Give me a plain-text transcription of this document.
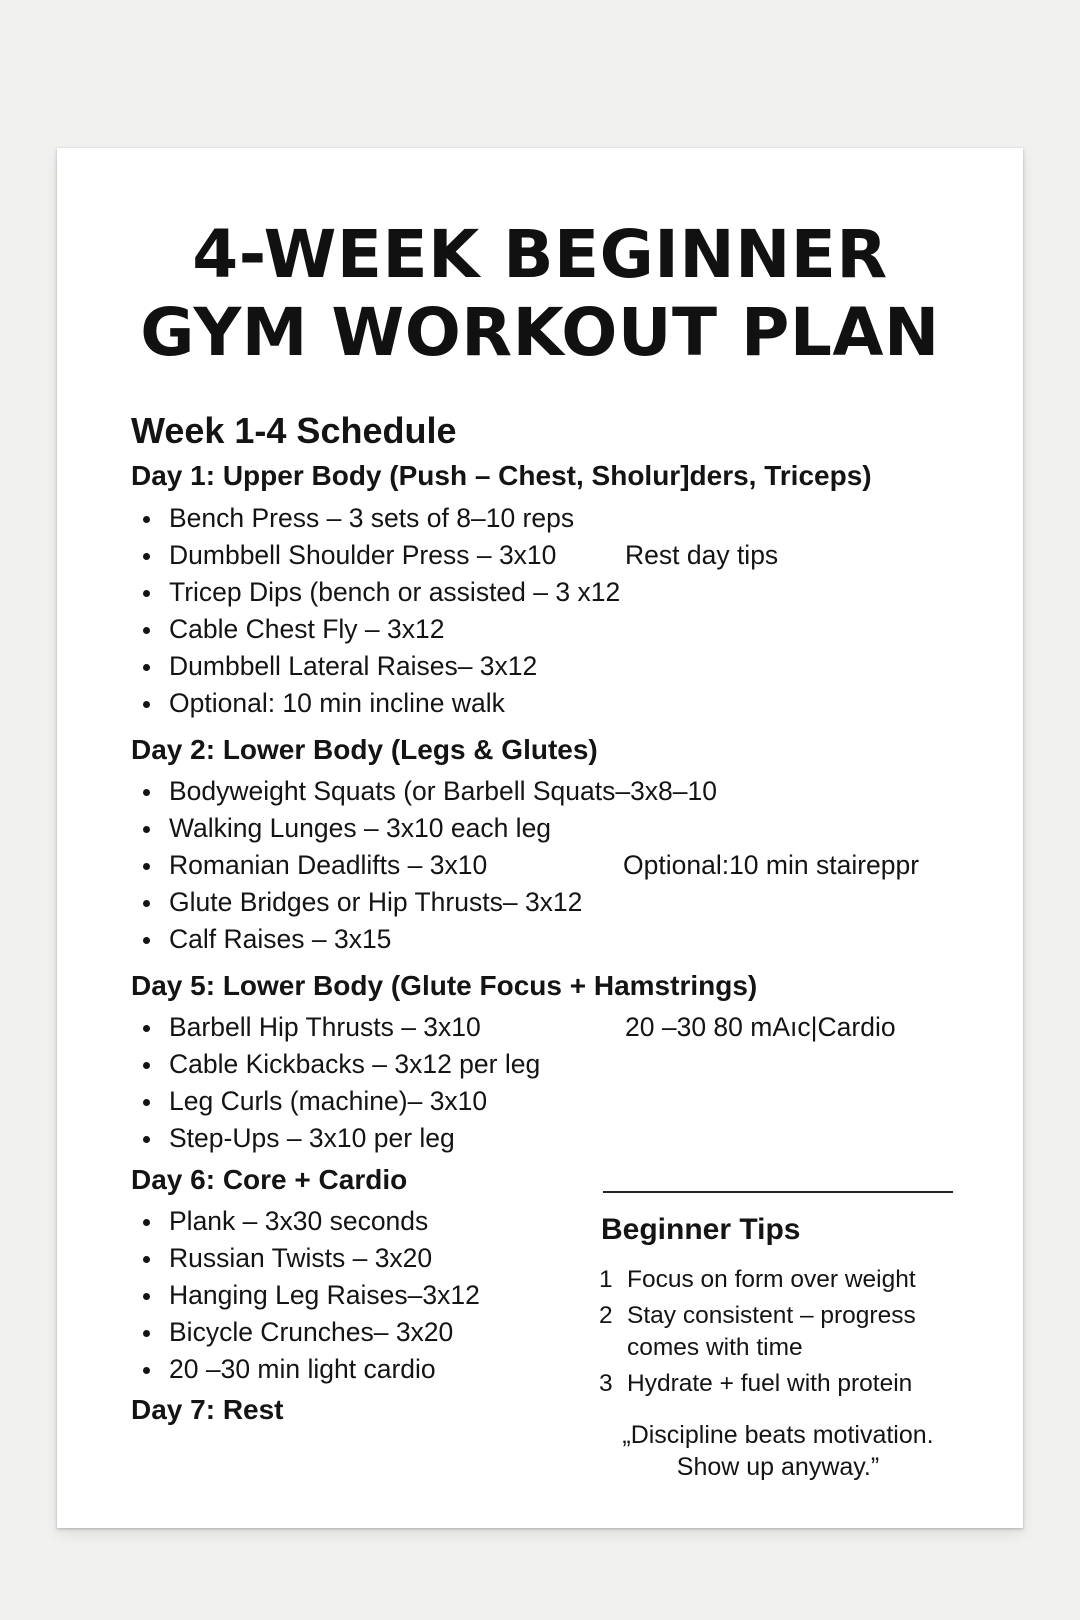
4-WEEK BEGINNER
GYM WORKOUT PLAN
Week 1-4 Schedule
Day 1: Upper Body (Push – Chest, Sholur]ders, Triceps)
Bench Press – 3 sets of 8–10 reps
Dumbbell Shoulder Press – 3x10
Tricep Dips (bench or assisted – 3 x12
Cable Chest Fly – 3x12
Dumbbell Lateral Raises– 3x12
Optional: 10 min incline walk
Rest day tips
Day 2: Lower Body (Legs & Glutes)
Bodyweight Squats (or Barbell Squats–3x8–10
Walking Lunges – 3x10 each leg
Romanian Deadlifts – 3x10
Glute Bridges or Hip Thrusts– 3x12
Calf Raises – 3x15
Optional:10 min staireppr
Day 5: Lower Body (Glute Focus + Hamstrings)
Barbell Hip Thrusts – 3x10
Cable Kickbacks – 3x12 per leg
Leg Curls (machine)– 3x10
Step-Ups – 3x10 per leg
20 –30 80 mAıc|Cardio
Day 6: Core + Cardio
Plank – 3x30 seconds
Russian Twists – 3x20
Hanging Leg Raises–3x12
Bicycle Crunches– 3x20
20 –30 min light cardio
Day 7: Rest
Beginner Tips
1 Focus on form over weight
2 Stay consistent – progress comes with time
3 Hydrate + fuel with protein

„Discipline beats motivation.
Show up anyway.”
